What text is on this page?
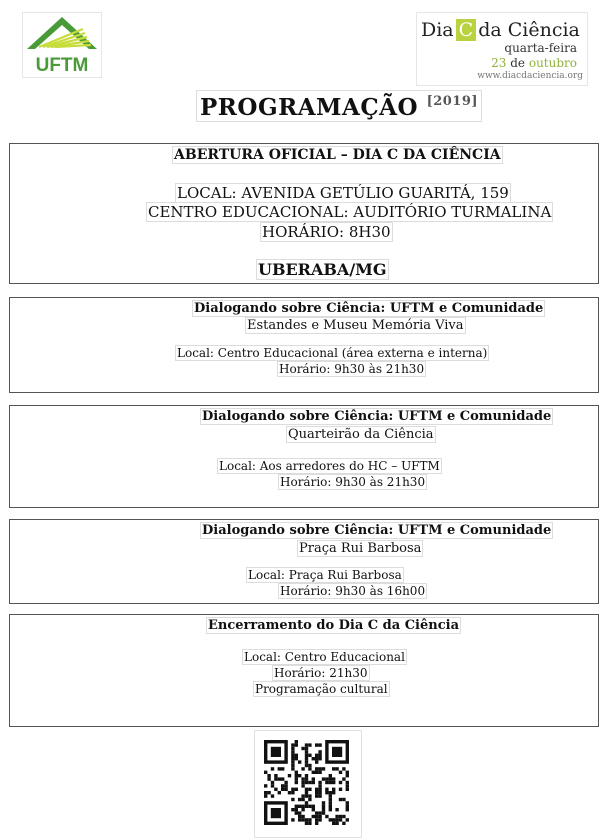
UFTM
Dia C da Ciência
quarta-feira
23 de outubro
www.diacdaciencia.org
PROGRAMAÇÃO [2019]
ABERTURA OFICIAL – DIA C DA CIÊNCIA
LOCAL: AVENIDA GETÚLIO GUARITÁ, 159
CENTRO EDUCACIONAL: AUDITÓRIO TURMALINA
HORÁRIO: 8H30
UBERABA/MG
Dialogando sobre Ciência: UFTM e Comunidade
Estandes e Museu Memória Viva
Local: Centro Educacional (área externa e interna)
Horário: 9h30 às 21h30
Dialogando sobre Ciência: UFTM e Comunidade
Quarteirão da Ciência
Local: Aos arredores do HC – UFTM
Horário: 9h30 às 21h30
Dialogando sobre Ciência: UFTM e Comunidade
Praça Rui Barbosa
Local: Praça Rui Barbosa
Horário: 9h30 às 16h00
Encerramento do Dia C da Ciência
Local: Centro Educacional
Horário: 21h30
Programação cultural
